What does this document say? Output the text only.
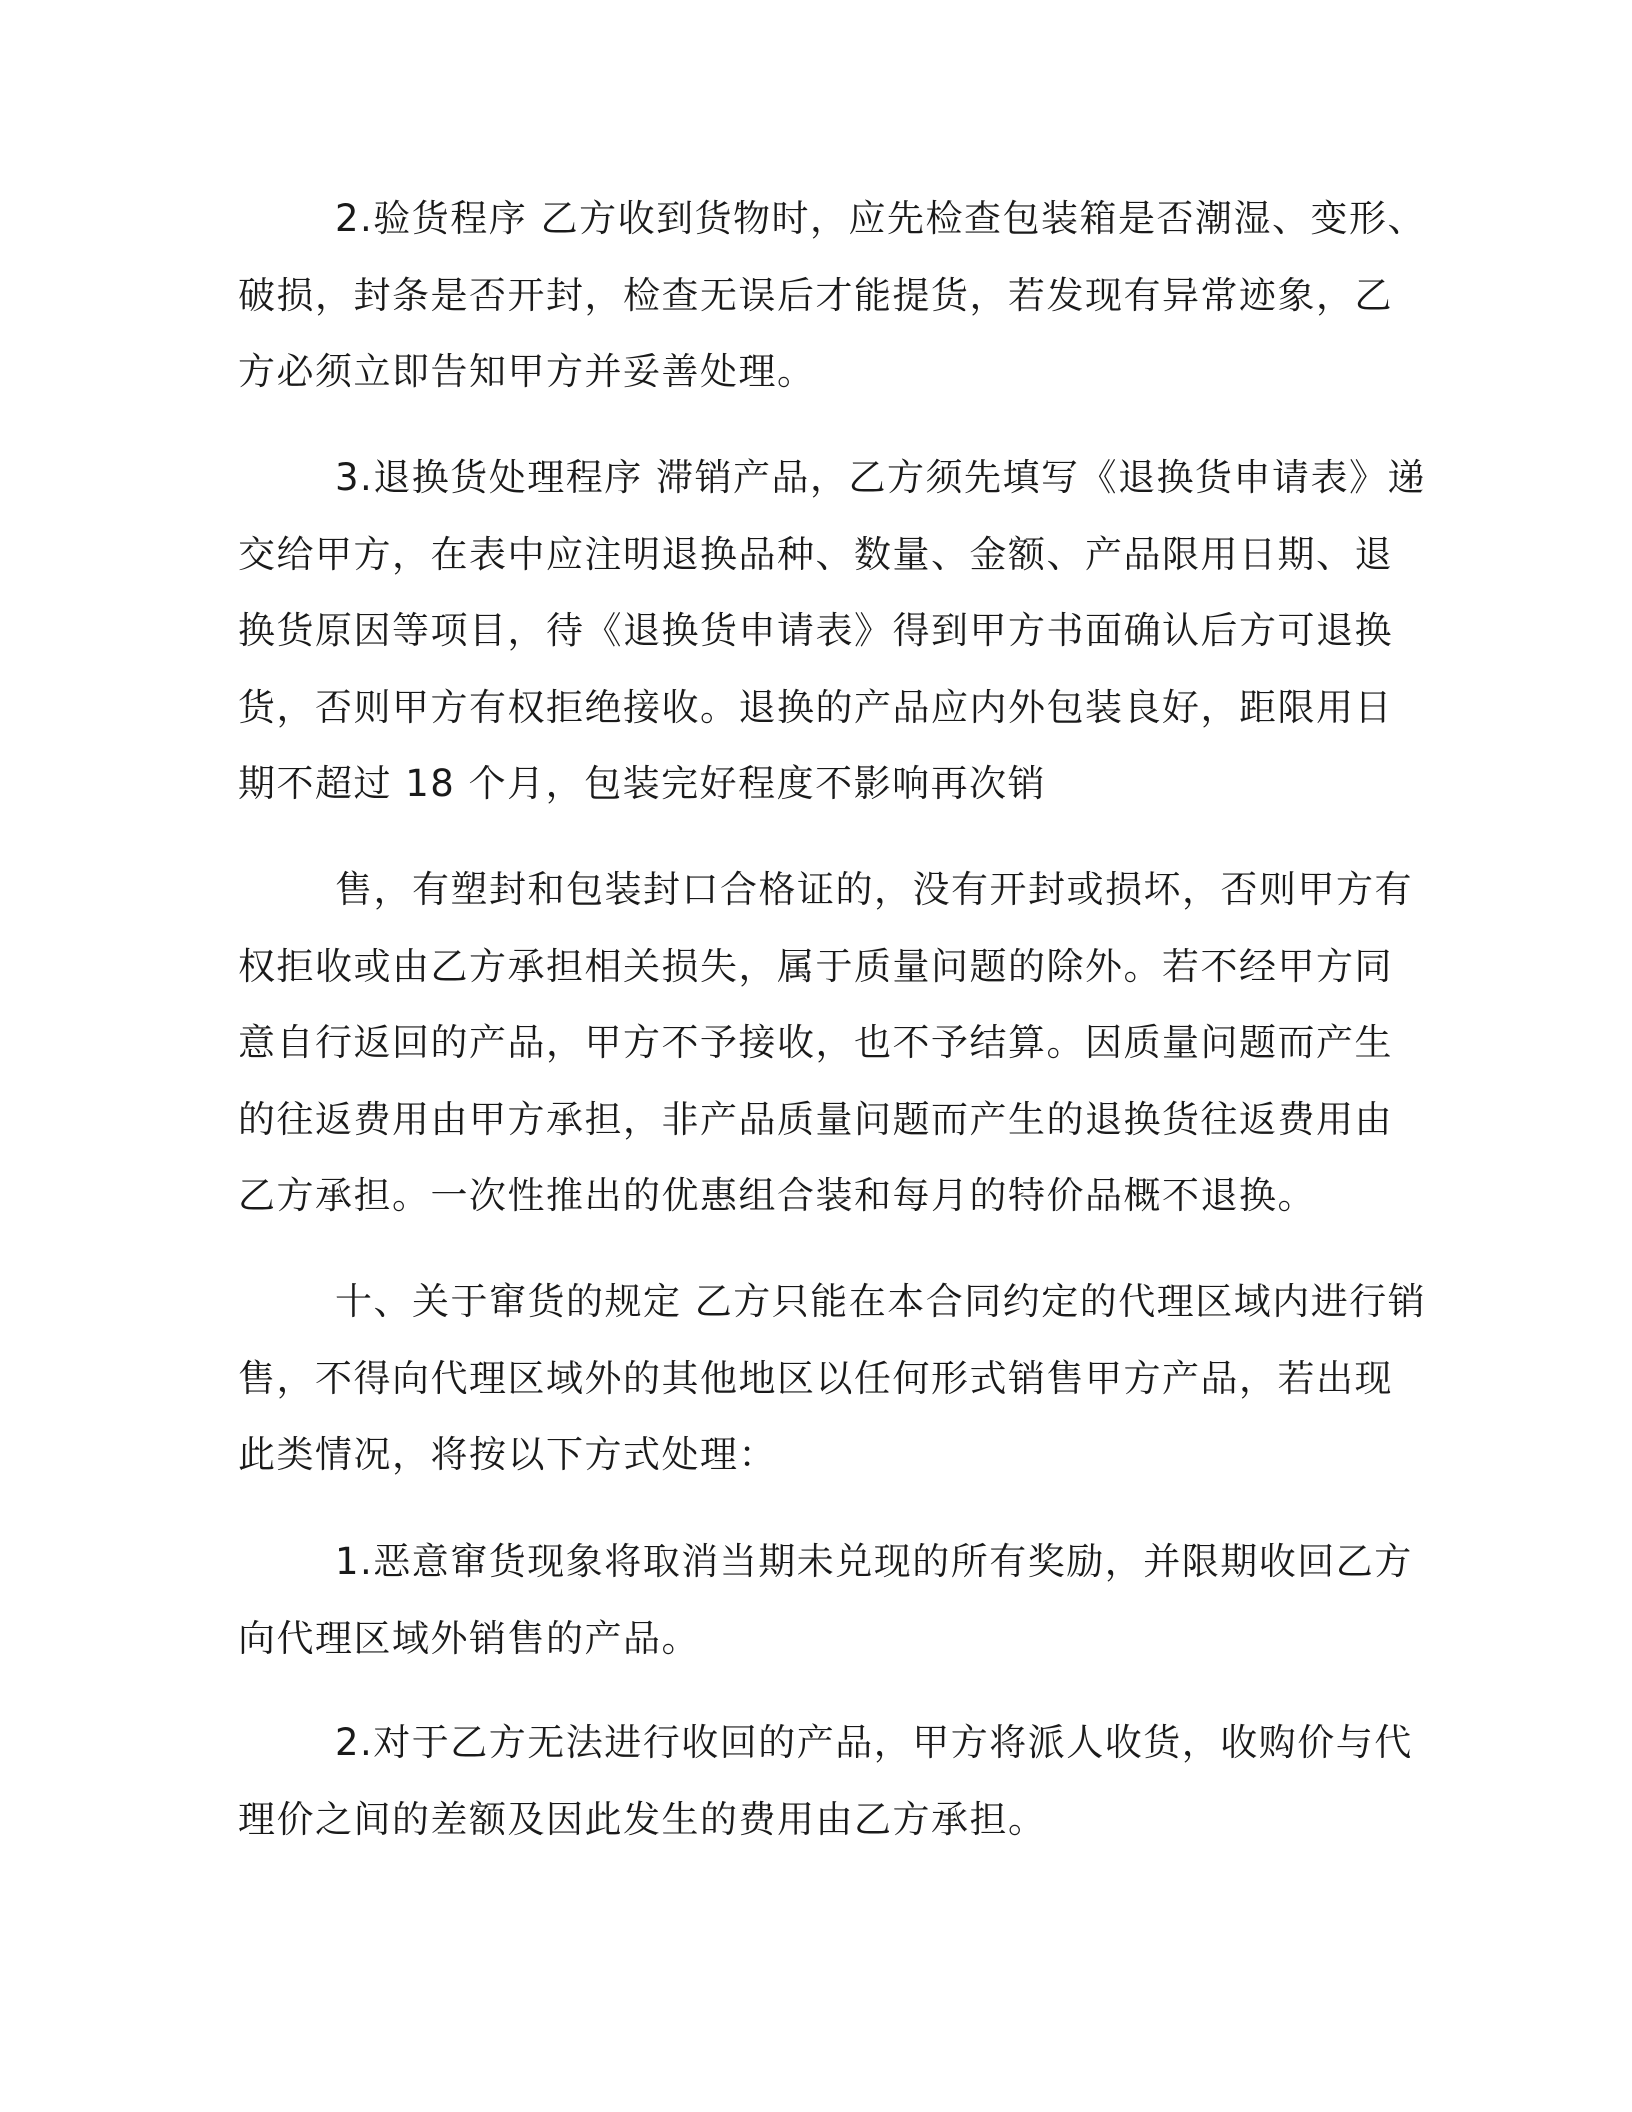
2.验货程序 乙方收到货物时，应先检查包装箱是否潮湿、变形、
破损，封条是否开封，检查无误后才能提货，若发现有异常迹象，乙
方必须立即告知甲方并妥善处理。
3.退换货处理程序 滞销产品，乙方须先填写《退换货申请表》递
交给甲方，在表中应注明退换品种、数量、金额、产品限用日期、退
换货原因等项目，待《退换货申请表》得到甲方书面确认后方可退换
货，否则甲方有权拒绝接收。退换的产品应内外包装良好，距限用日
期不超过 18 个月，包装完好程度不影响再次销
售，有塑封和包装封口合格证的，没有开封或损坏，否则甲方有
权拒收或由乙方承担相关损失，属于质量问题的除外。若不经甲方同
意自行返回的产品，甲方不予接收，也不予结算。因质量问题而产生
的往返费用由甲方承担，非产品质量问题而产生的退换货往返费用由
乙方承担。一次性推出的优惠组合装和每月的特价品概不退换。
十、关于窜货的规定 乙方只能在本合同约定的代理区域内进行销
售，不得向代理区域外的其他地区以任何形式销售甲方产品，若出现
此类情况，将按以下方式处理：
1.恶意窜货现象将取消当期未兑现的所有奖励，并限期收回乙方
向代理区域外销售的产品。
2.对于乙方无法进行收回的产品，甲方将派人收货，收购价与代
理价之间的差额及因此发生的费用由乙方承担。
